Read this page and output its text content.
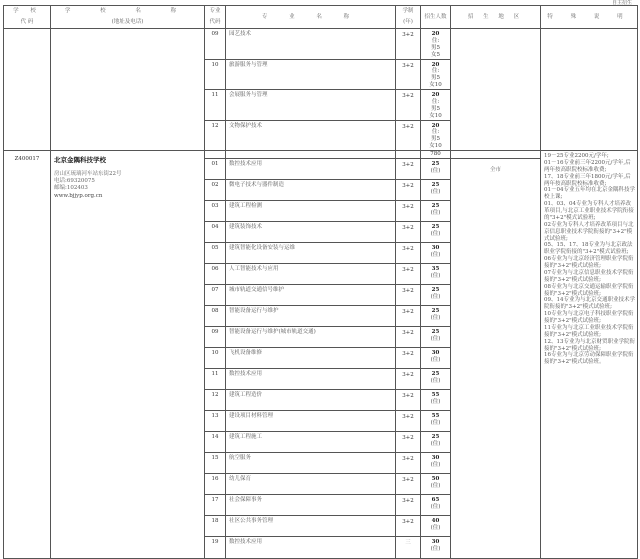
自主招生
学 校
代 码	学 校 名 称
(地址及电话)	专业
代码	专 业 名 称	学制
(年)	招生人数	招 生 地 区	特 殊 说 明

		09	园艺技术	3+2	20
住:
男5
女5		

		10	旅游服务与管理	3+2	20
住:
男5
女10		

		11	会展服务与管理	3+2	20
住:
男5
女10		

		12	文物保护技术	3+2	20
住:
男5
女10		

Z400017	北京金隅科技学校
房山区琉璃河车站东街22号
电话:69320075
邮编:102403
www.bjjyp.org.cn
				780		19－25专业2200元/学年;
01－16专业前三年2200元/学年,后两年按高职院校标准收费;
17、18专业前三年1800元/学年,后两年按高职院校标准收费;
01－04专业五年均在北京金隅科技学校上课;
01、03、04专业为专科人才培养改革项目,与北京工业职业技术学院衔接的"3+2"模式试验班;
02专业为专科人才培养改革项目与北京信息职业技术学院衔接的"3+2"模式试验班;
05、15、17、18专业为与北京政法职业学院衔接的"3+2"模式试验班;
06专业为与北京经济管理职业学院衔接的"3+2"模式试验班;
07专业为与北京信息职业技术学院衔接的"3+2"模式试验班;
08专业为与北京交通运输职业学院衔接的"3+2"模式试验班;
09、14专业为与北京交通职业技术学院衔接的"3+2"模式试验班;
10专业为与北京电子科技职业学院衔接的"3+2"模式试验班;
11专业为与北京工业职业技术学院衔接的"3+2"模式试验班;
12、13专业为与北京财贸职业学院衔接的"3+2"模式试验班;
16专业为与北京劳动保障职业学院衔接的"3+2"模式试验班。

		01	数控技术应用	3+2	25
(住)	全市	
		02	微电子技术与器件制造	3+2	25
(住)		

		03	建筑工程检测	3+2	25
(住)		

		04	建筑装饰技术	3+2	25
(住)		

		05	建筑智能化设备安装与运维	3+2	30
(住)		

		06	人工智能技术与应用	3+2	35
(住)		

		07	城市轨道交通信号维护	3+2	25
(住)		

		08	智能设备运行与维护	3+2	25
(住)		

		09	智能设备运行与维护(城市轨道交通)	3+2	25
(住)		

		10	飞机设备维修	3+2	30
(住)		

		11	数控技术应用	3+2	25
(住)		

		12	建筑工程造价	3+2	55
(住)		

		13	建设项目材料管理	3+2	55
(住)		

		14	建筑工程施工	3+2	25
(住)		

		15	航空服务	3+2	30
(住)		

		16	幼儿保育	3+2	50
(住)		

		17	社会保障事务	3+2	65
(住)		

		18	社区公共事务管理	3+2	40
(住)		

		19	数控技术应用	三	30
(住)		
